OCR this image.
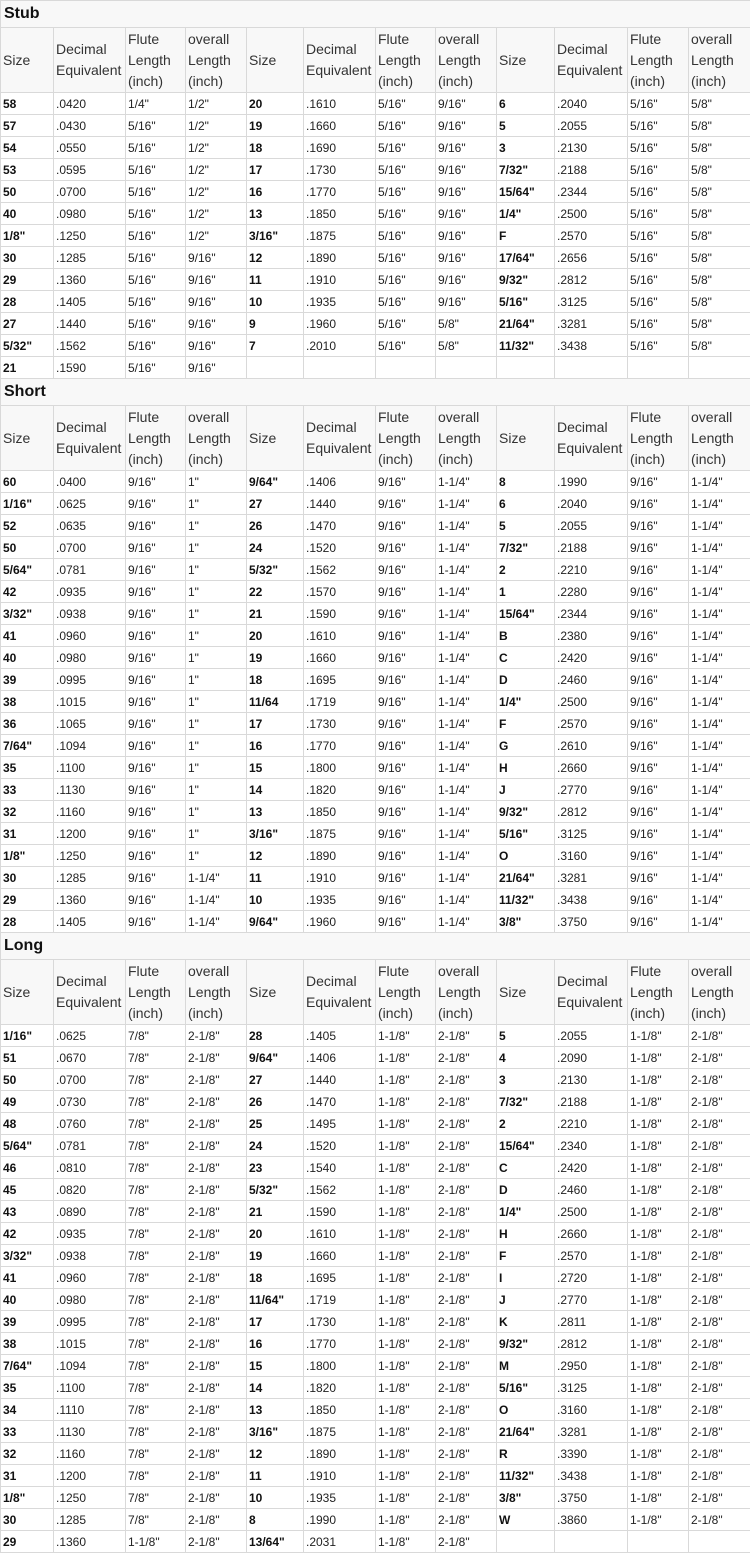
Stub											
Size	Decimal Equivalent	Flute Length (inch)	overall Length (inch)	Size	Decimal Equivalent	Flute Length (inch)	overall Length (inch)	Size	Decimal Equivalent	Flute Length (inch)	overall Length (inch)
58	.0420	1/4"	1/2"	20	.1610	5/16"	9/16"	6	.2040	5/16"	5/8"
57	.0430	5/16"	1/2"	19	.1660	5/16"	9/16"	5	.2055	5/16"	5/8"
54	.0550	5/16"	1/2"	18	.1690	5/16"	9/16"	3	.2130	5/16"	5/8"
53	.0595	5/16"	1/2"	17	.1730	5/16"	9/16"	7/32"	.2188	5/16"	5/8"
50	.0700	5/16"	1/2"	16	.1770	5/16"	9/16"	15/64"	.2344	5/16"	5/8"
40	.0980	5/16"	1/2"	13	.1850	5/16"	9/16"	1/4"	.2500	5/16"	5/8"
1/8"	.1250	5/16"	1/2"	3/16"	.1875	5/16"	9/16"	F	.2570	5/16"	5/8"
30	.1285	5/16"	9/16"	12	.1890	5/16"	9/16"	17/64"	.2656	5/16"	5/8"
29	.1360	5/16"	9/16"	11	.1910	5/16"	9/16"	9/32"	.2812	5/16"	5/8"
28	.1405	5/16"	9/16"	10	.1935	5/16"	9/16"	5/16"	.3125	5/16"	5/8"
27	.1440	5/16"	9/16"	9	.1960	5/16"	5/8"	21/64"	.3281	5/16"	5/8"
5/32"	.1562	5/16"	9/16"	7	.2010	5/16"	5/8"	11/32"	.3438	5/16"	5/8"
21	.1590	5/16"	9/16"								
Short											
Size	Decimal Equivalent	Flute Length (inch)	overall Length (inch)	Size	Decimal Equivalent	Flute Length (inch)	overall Length (inch)	Size	Decimal Equivalent	Flute Length (inch)	overall Length (inch)
60	.0400	9/16"	1"	9/64"	.1406	9/16"	1-1/4"	8	.1990	9/16"	1-1/4"
1/16"	.0625	9/16"	1"	27	.1440	9/16"	1-1/4"	6	.2040	9/16"	1-1/4"
52	.0635	9/16"	1"	26	.1470	9/16"	1-1/4"	5	.2055	9/16"	1-1/4"
50	.0700	9/16"	1"	24	.1520	9/16"	1-1/4"	7/32"	.2188	9/16"	1-1/4"
5/64"	.0781	9/16"	1"	5/32"	.1562	9/16"	1-1/4"	2	.2210	9/16"	1-1/4"
42	.0935	9/16"	1"	22	.1570	9/16"	1-1/4"	1	.2280	9/16"	1-1/4"
3/32"	.0938	9/16"	1"	21	.1590	9/16"	1-1/4"	15/64"	.2344	9/16"	1-1/4"
41	.0960	9/16"	1"	20	.1610	9/16"	1-1/4"	B	.2380	9/16"	1-1/4"
40	.0980	9/16"	1"	19	.1660	9/16"	1-1/4"	C	.2420	9/16"	1-1/4"
39	.0995	9/16"	1"	18	.1695	9/16"	1-1/4"	D	.2460	9/16"	1-1/4"
38	.1015	9/16"	1"	11/64	.1719	9/16"	1-1/4"	1/4"	.2500	9/16"	1-1/4"
36	.1065	9/16"	1"	17	.1730	9/16"	1-1/4"	F	.2570	9/16"	1-1/4"
7/64"	.1094	9/16"	1"	16	.1770	9/16"	1-1/4"	G	.2610	9/16"	1-1/4"
35	.1100	9/16"	1"	15	.1800	9/16"	1-1/4"	H	.2660	9/16"	1-1/4"
33	.1130	9/16"	1"	14	.1820	9/16"	1-1/4"	J	.2770	9/16"	1-1/4"
32	.1160	9/16"	1"	13	.1850	9/16"	1-1/4"	9/32"	.2812	9/16"	1-1/4"
31	.1200	9/16"	1"	3/16"	.1875	9/16"	1-1/4"	5/16"	.3125	9/16"	1-1/4"
1/8"	.1250	9/16"	1"	12	.1890	9/16"	1-1/4"	O	.3160	9/16"	1-1/4"
30	.1285	9/16"	1-1/4"	11	.1910	9/16"	1-1/4"	21/64"	.3281	9/16"	1-1/4"
29	.1360	9/16"	1-1/4"	10	.1935	9/16"	1-1/4"	11/32"	.3438	9/16"	1-1/4"
28	.1405	9/16"	1-1/4"	9/64"	.1960	9/16"	1-1/4"	3/8"	.3750	9/16"	1-1/4"
Long											
Size	Decimal Equivalent	Flute Length (inch)	overall Length (inch)	Size	Decimal Equivalent	Flute Length (inch)	overall Length (inch)	Size	Decimal Equivalent	Flute Length (inch)	overall Length (inch)
1/16"	.0625	7/8"	2-1/8"	28	.1405	1-1/8"	2-1/8"	5	.2055	1-1/8"	2-1/8"
51	.0670	7/8"	2-1/8"	9/64"	.1406	1-1/8"	2-1/8"	4	.2090	1-1/8"	2-1/8"
50	.0700	7/8"	2-1/8"	27	.1440	1-1/8"	2-1/8"	3	.2130	1-1/8"	2-1/8"
49	.0730	7/8"	2-1/8"	26	.1470	1-1/8"	2-1/8"	7/32"	.2188	1-1/8"	2-1/8"
48	.0760	7/8"	2-1/8"	25	.1495	1-1/8"	2-1/8"	2	.2210	1-1/8"	2-1/8"
5/64"	.0781	7/8"	2-1/8"	24	.1520	1-1/8"	2-1/8"	15/64"	.2340	1-1/8"	2-1/8"
46	.0810	7/8"	2-1/8"	23	.1540	1-1/8"	2-1/8"	C	.2420	1-1/8"	2-1/8"
45	.0820	7/8"	2-1/8"	5/32"	.1562	1-1/8"	2-1/8"	D	.2460	1-1/8"	2-1/8"
43	.0890	7/8"	2-1/8"	21	.1590	1-1/8"	2-1/8"	1/4"	.2500	1-1/8"	2-1/8"
42	.0935	7/8"	2-1/8"	20	.1610	1-1/8"	2-1/8"	H	.2660	1-1/8"	2-1/8"
3/32"	.0938	7/8"	2-1/8"	19	.1660	1-1/8"	2-1/8"	F	.2570	1-1/8"	2-1/8"
41	.0960	7/8"	2-1/8"	18	.1695	1-1/8"	2-1/8"	I	.2720	1-1/8"	2-1/8"
40	.0980	7/8"	2-1/8"	11/64"	.1719	1-1/8"	2-1/8"	J	.2770	1-1/8"	2-1/8"
39	.0995	7/8"	2-1/8"	17	.1730	1-1/8"	2-1/8"	K	.2811	1-1/8"	2-1/8"
38	.1015	7/8"	2-1/8"	16	.1770	1-1/8"	2-1/8"	9/32"	.2812	1-1/8"	2-1/8"
7/64"	.1094	7/8"	2-1/8"	15	.1800	1-1/8"	2-1/8"	M	.2950	1-1/8"	2-1/8"
35	.1100	7/8"	2-1/8"	14	.1820	1-1/8"	2-1/8"	5/16"	.3125	1-1/8"	2-1/8"
34	.1110	7/8"	2-1/8"	13	.1850	1-1/8"	2-1/8"	O	.3160	1-1/8"	2-1/8"
33	.1130	7/8"	2-1/8"	3/16"	.1875	1-1/8"	2-1/8"	21/64"	.3281	1-1/8"	2-1/8"
32	.1160	7/8"	2-1/8"	12	.1890	1-1/8"	2-1/8"	R	.3390	1-1/8"	2-1/8"
31	.1200	7/8"	2-1/8"	11	.1910	1-1/8"	2-1/8"	11/32"	.3438	1-1/8"	2-1/8"
1/8"	.1250	7/8"	2-1/8"	10	.1935	1-1/8"	2-1/8"	3/8"	.3750	1-1/8"	2-1/8"
30	.1285	7/8"	2-1/8"	8	.1990	1-1/8"	2-1/8"	W	.3860	1-1/8"	2-1/8"
29	.1360	1-1/8"	2-1/8"	13/64"	.2031	1-1/8"	2-1/8"				
